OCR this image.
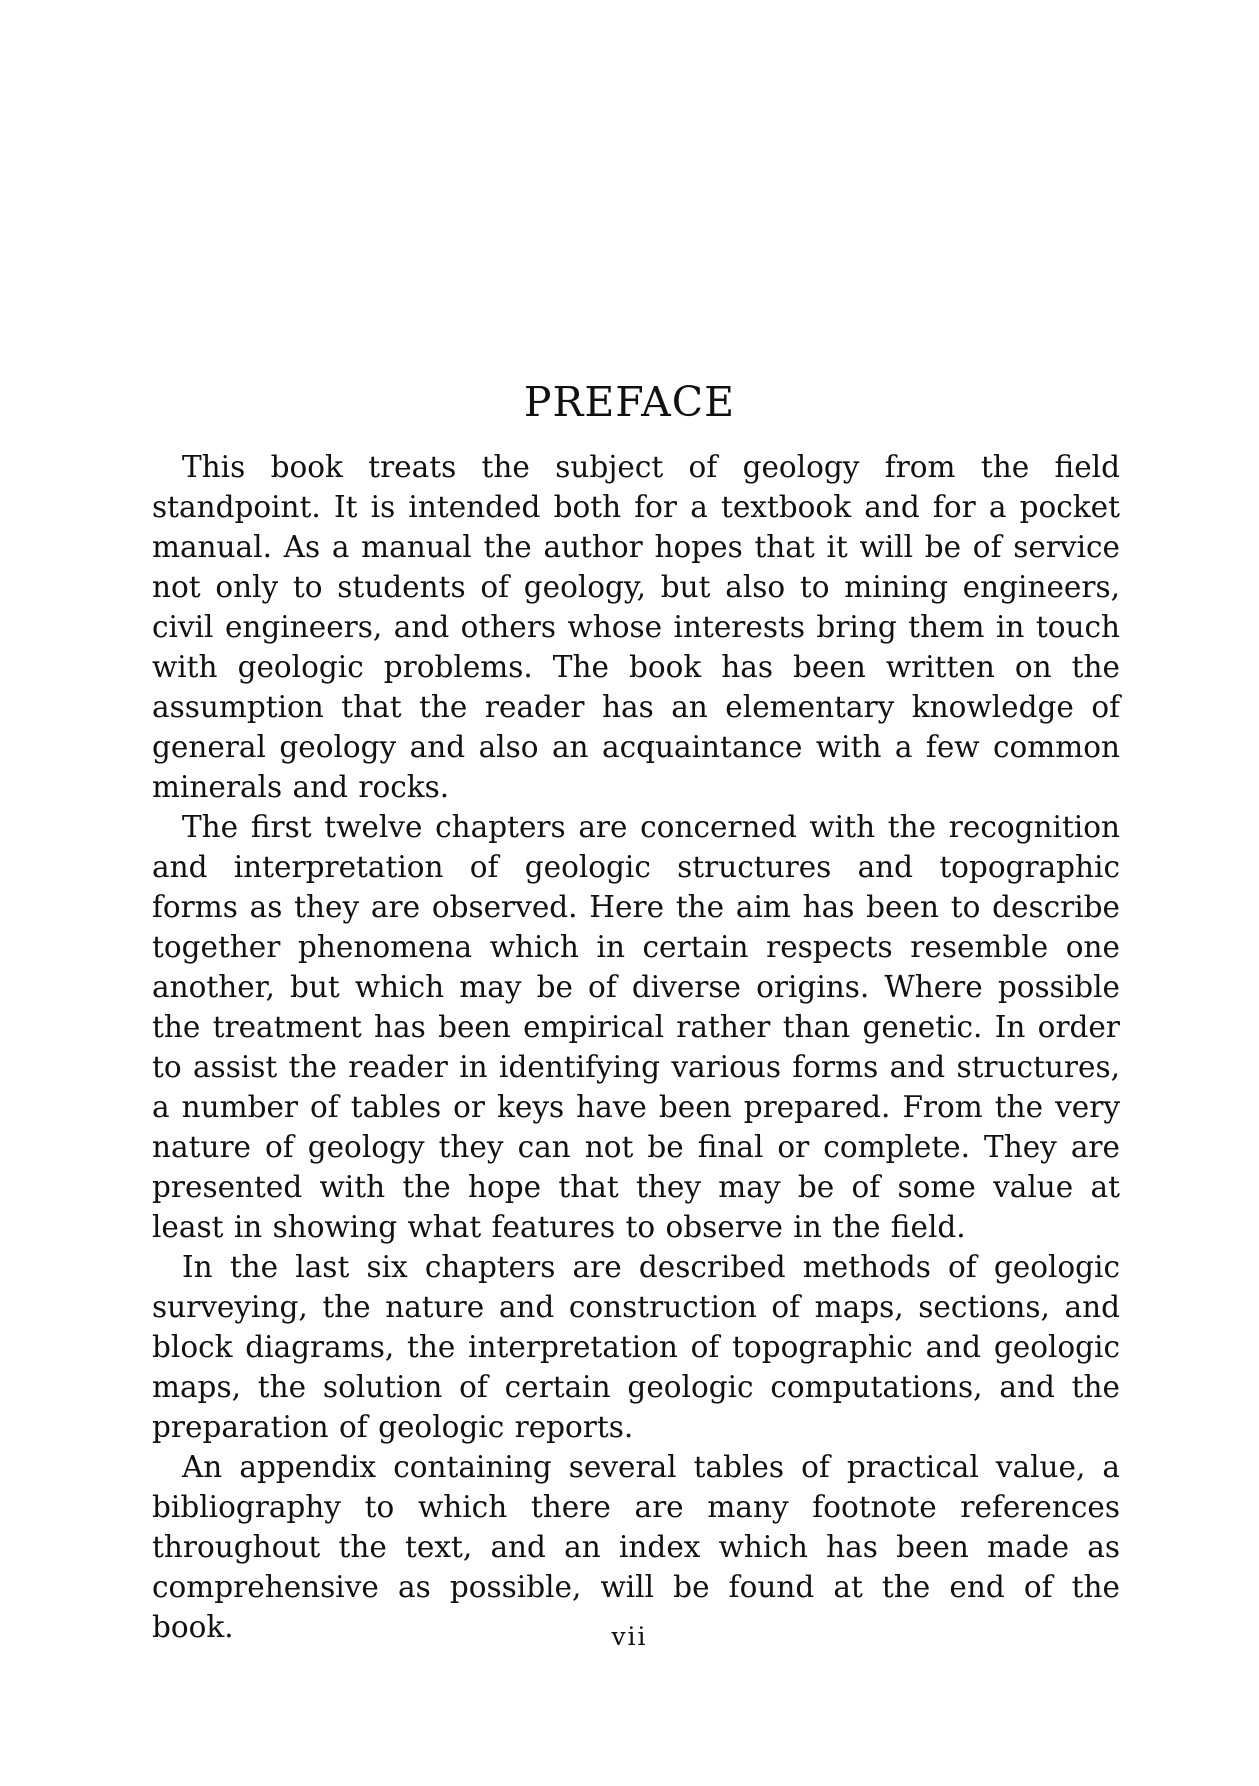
PREFACE

This book treats the subject of geology from the field standpoint. It is intended both for a textbook and for a pocket manual. As a manual the author hopes that it will be of service not only to students of geology, but also to mining engineers, civil engineers, and others whose interests bring them in touch with geologic problems. The book has been written on the assumption that the reader has an elementary knowledge of general geology and also an acquaintance with a few common minerals and rocks.

The first twelve chapters are concerned with the recognition and interpretation of geologic structures and topographic forms as they are observed. Here the aim has been to describe together phenomena which in certain respects resemble one another, but which may be of diverse origins. Where possible the treatment has been empirical rather than genetic. In order to assist the reader in identifying various forms and structures, a number of tables or keys have been prepared. From the very nature of geology they can not be final or complete. They are presented with the hope that they may be of some value at least in showing what features to observe in the field.

In the last six chapters are described methods of geologic surveying, the nature and construction of maps, sections, and block diagrams, the interpretation of topographic and geologic maps, the solution of certain geologic computations, and the preparation of geologic reports.

An appendix containing several tables of practical value, a bibliography to which there are many footnote references throughout the text, and an index which has been made as comprehensive as possible, will be found at the end of the book.	vii
